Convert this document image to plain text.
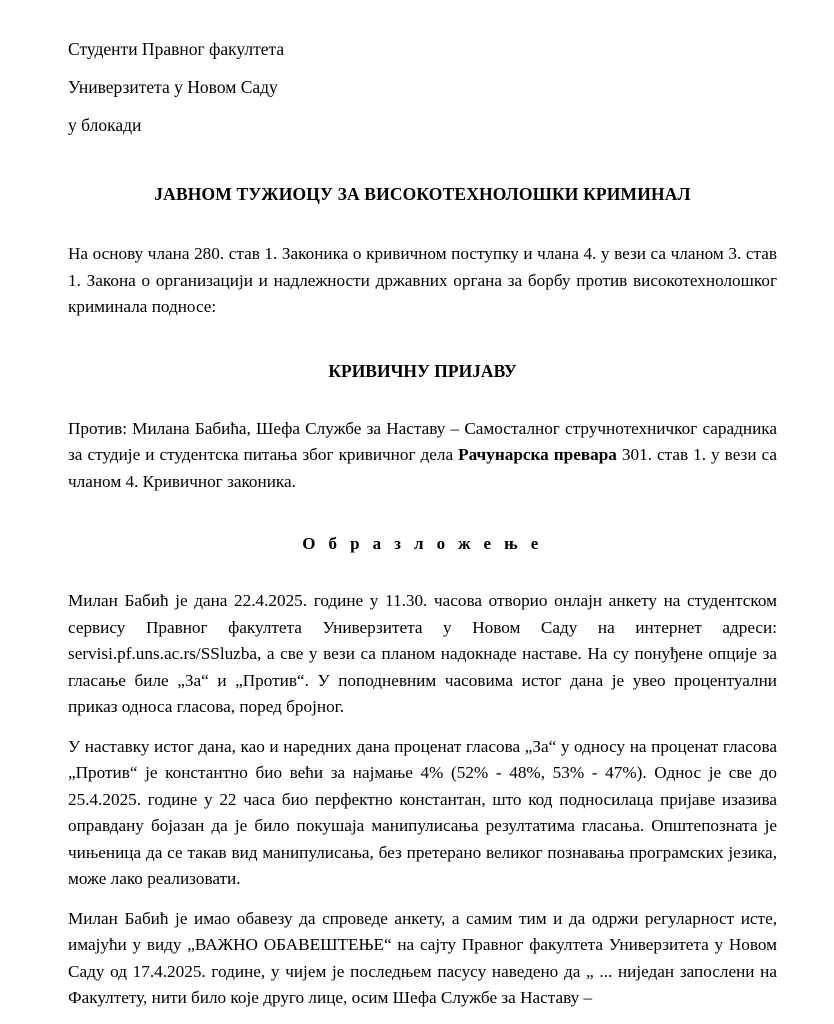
Студенти Правног факултета
Универзитета у Новом Саду
у блокади
ЈАВНОМ ТУЖИОЦУ ЗА ВИСОКОТЕХНОЛОШКИ КРИМИНАЛ

На основу члана 280. став 1. Законика о кривичном поступку и члана 4. у вези са чланом 3. став 1. Закона о организацији и надлежности државних органа за борбу против високотехнолошког криминала подносе:

КРИВИЧНУ ПРИЈАВУ

Против: Милана Бабића, Шефа Службе за Наставу – Самосталног стручнотехничког сарадника за студије и студентска питања због кривичног дела Рачунарска превара 301. став 1. у вези са чланом 4. Кривичног законика.

О б р а з л о ж е њ е

Милан Бабић је дана 22.4.2025. године у 11.30. часова отворио онлајн анкету на студентском сервису Правног факултета Универзитета у Новом Саду на интернет адреси: servisi.pf.uns.ac.rs/SSluzba, а све у вези са планом надокнаде наставе. На су понуђене опције за гласање биле „За“ и „Против“. У поподневним часовима истог дана је увео процентуални приказ односа гласова, поред бројног.

У наставку истог дана, као и наредних дана проценат гласова „За“ у односу на проценат гласова „Против“ је константно био већи за најмање 4% (52% - 48%, 53% - 47%). Однос је све до 25.4.2025. године у 22 часа био перфектно константан, што код подносилаца пријаве изазива оправдану бојазан да је било покушаја манипулисања резултатима гласања. Општепозната је чињеница да се такав вид манипулисања, без претерано великог познавања програмских језика, може лако реализовати.

Милан Бабић је имао обавезу да спроведе анкету, а самим тим и да одржи регуларност исте, имајући у виду „ВАЖНО ОБАВЕШТЕЊЕ“ на сајту Правног факултета Универзитета у Новом Саду од 17.4.2025. године, у чијем је последњем пасусу наведено да „ ... ниједан запослени на Факултету, нити било које друго лице, осим Шефа Службе за Наставу –
